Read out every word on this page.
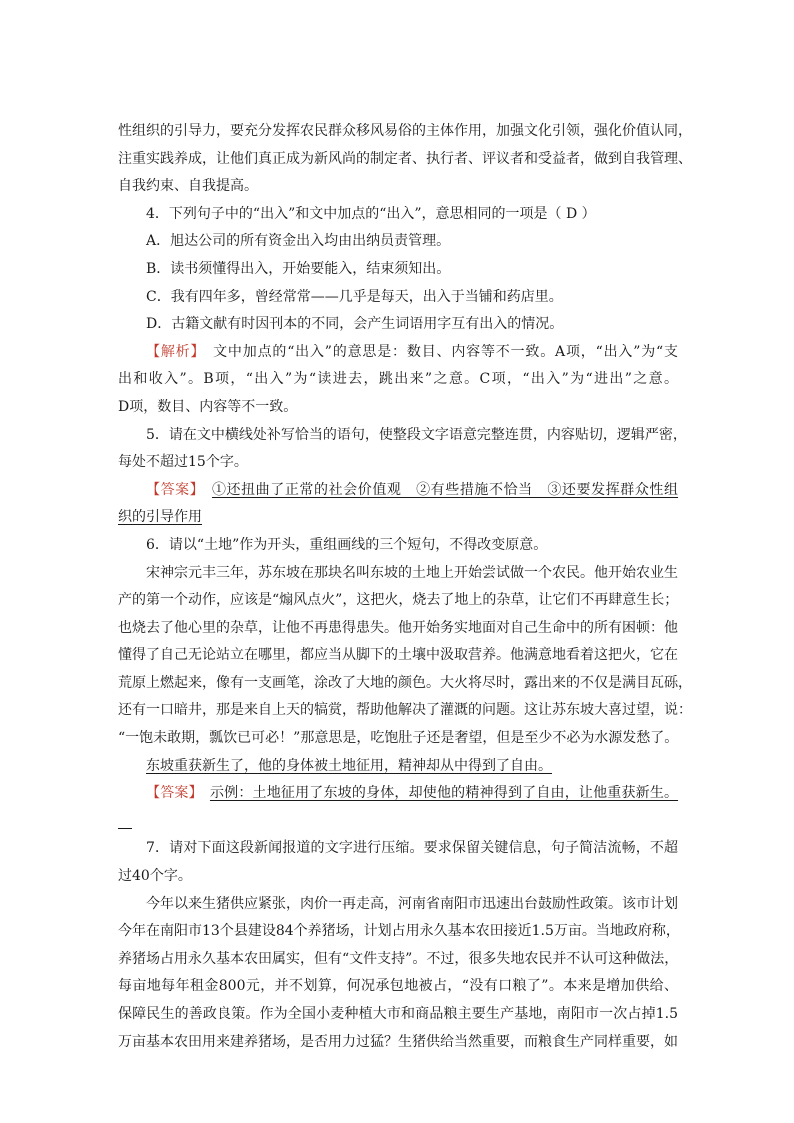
性组织的引导力，要充分发挥农民群众移风易俗的主体作用，加强文化引领，强化价值认同，
注重实践养成，让他们真正成为新风尚的制定者、执行者、评议者和受益者，做到自我管理、
自我约束、自我提高。
4．下列句子中的“出入”和文中加点的“出入”，意思相同的一项是（ D ）
A．旭达公司的所有资金出入均由出纳员责管理。
B．读书须懂得出入，开始要能入，结束须知出。
C．我有四年多，曾经常常——几乎是每天，出入于当铺和药店里。
D．古籍文献有时因刊本的不同，会产生词语用字互有出入的情况。
【解析】　 文中加点的“出入”的意思是：数目、内容等不一致。A项，“出入”为“支
出和收入”。B项，“出入”为“读进去，跳出来”之意。C项，“出入”为“进出”之意。
D项，数目、内容等不一致。
5．请在文中横线处补写恰当的语句，使整段文字语意完整连贯，内容贴切，逻辑严密，
每处不超过15个字。
【答案】　 ①还扭曲了正常的社会价值观　②有些措施不恰当　③还要发挥群众性组
织的引导作用
6．请以“土地”作为开头，重组画线的三个短句，不得改变原意。
宋神宗元丰三年，苏东坡在那块名叫东坡的土地上开始尝试做一个农民。他开始农业生
产的第一个动作，应该是“煽风点火”，这把火，烧去了地上的杂草，让它们不再肆意生长；
也烧去了他心里的杂草，让他不再患得患失。他开始务实地面对自己生命中的所有困顿：他
懂得了自己无论站立在哪里，都应当从脚下的土壤中汲取营养。他满意地看着这把火，它在
荒原上燃起来，像有一支画笔，涂改了大地的颜色。大火将尽时，露出来的不仅是满目瓦砾，
还有一口暗井，那是来自上天的犒赏，帮助他解决了灌溉的问题。这让苏东坡大喜过望，说：
“一饱未敢期，瓢饮已可必！”那意思是，吃饱肚子还是奢望，但是至少不必为水源发愁了。
东坡重获新生了，他的身体被土地征用，精神却从中得到了自由。
【答案】　 示例：土地征用了东坡的身体，却使他的精神得到了自由，让他重获新生。

7．请对下面这段新闻报道的文字进行压缩。要求保留关键信息，句子简洁流畅，不超
过40个字。
今年以来生猪供应紧张，肉价一再走高，河南省南阳市迅速出台鼓励性政策。该市计划
今年在南阳市13个县建设84个养猪场，计划占用永久基本农田接近1.5万亩。当地政府称，
养猪场占用永久基本农田属实，但有“文件支持”。不过，很多失地农民并不认可这种做法，
每亩地每年租金800元，并不划算，何况承包地被占，“没有口粮了”。本来是增加供给、
保障民生的善政良策。作为全国小麦种植大市和商品粮主要生产基地，南阳市一次占掉1.5
万亩基本农田用来建养猪场，是否用力过猛？生猪供给当然重要，而粮食生产同样重要，如
